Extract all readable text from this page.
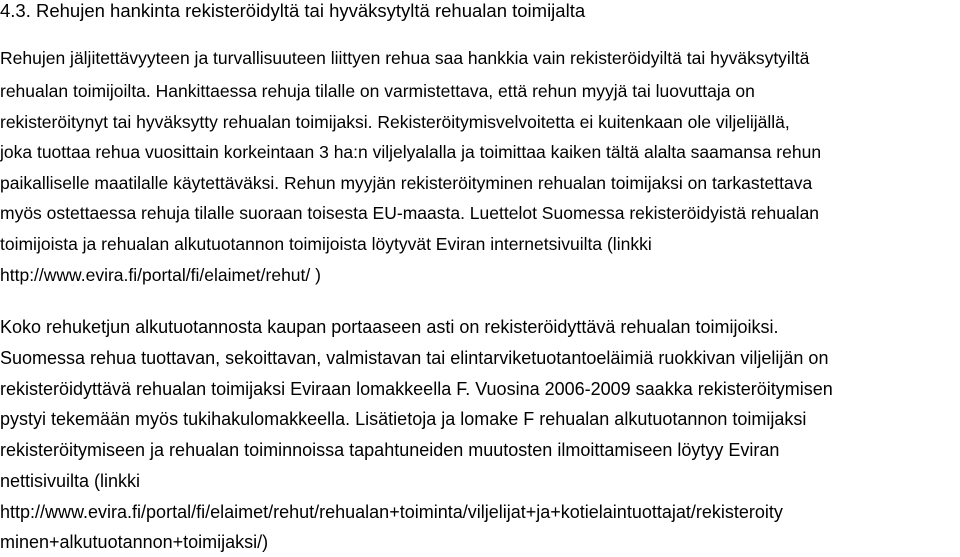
4.3. Rehujen hankinta rekisteröidyltä tai hyväksytyltä rehualan toimijalta
Rehujen jäljitettävyyteen ja turvallisuuteen liittyen rehua saa hankkia vain rekisteröidyiltä tai hyväksytyiltä
rehualan toimijoilta. Hankittaessa rehuja tilalle on varmistettava, että rehun myyjä tai luovuttaja on
rekisteröitynyt tai hyväksytty rehualan toimijaksi. Rekisteröitymisvelvoitetta ei kuitenkaan ole viljelijällä,
joka tuottaa rehua vuosittain korkeintaan 3 ha:n viljelyalalla ja toimittaa kaiken tältä alalta saamansa rehun
paikalliselle maatilalle käytettäväksi. Rehun myyjän rekisteröityminen rehualan toimijaksi on tarkastettava
myös ostettaessa rehuja tilalle suoraan toisesta EU-maasta. Luettelot Suomessa rekisteröidyistä rehualan
toimijoista ja rehualan alkutuotannon toimijoista löytyvät Eviran internetsivuilta (linkki
http://www.evira.fi/portal/fi/elaimet/rehut/ )
Koko rehuketjun alkutuotannosta kaupan portaaseen asti on rekisteröidyttävä rehualan toimijoiksi.
Suomessa rehua tuottavan, sekoittavan, valmistavan tai elintarviketuotantoeläimiä ruokkivan viljelijän on
rekisteröidyttävä rehualan toimijaksi Eviraan lomakkeella F. Vuosina 2006-2009 saakka rekisteröitymisen
pystyi tekemään myös tukihakulomakkeella. Lisätietoja ja lomake F rehualan alkutuotannon toimijaksi
rekisteröitymiseen ja rehualan toiminnoissa tapahtuneiden muutosten ilmoittamiseen löytyy Eviran
nettisivuilta (linkki
http://www.evira.fi/portal/fi/elaimet/rehut/rehualan+toiminta/viljelijat+ja+kotielaintuottajat/rekisteroity
minen+alkutuotannon+toimijaksi/)
